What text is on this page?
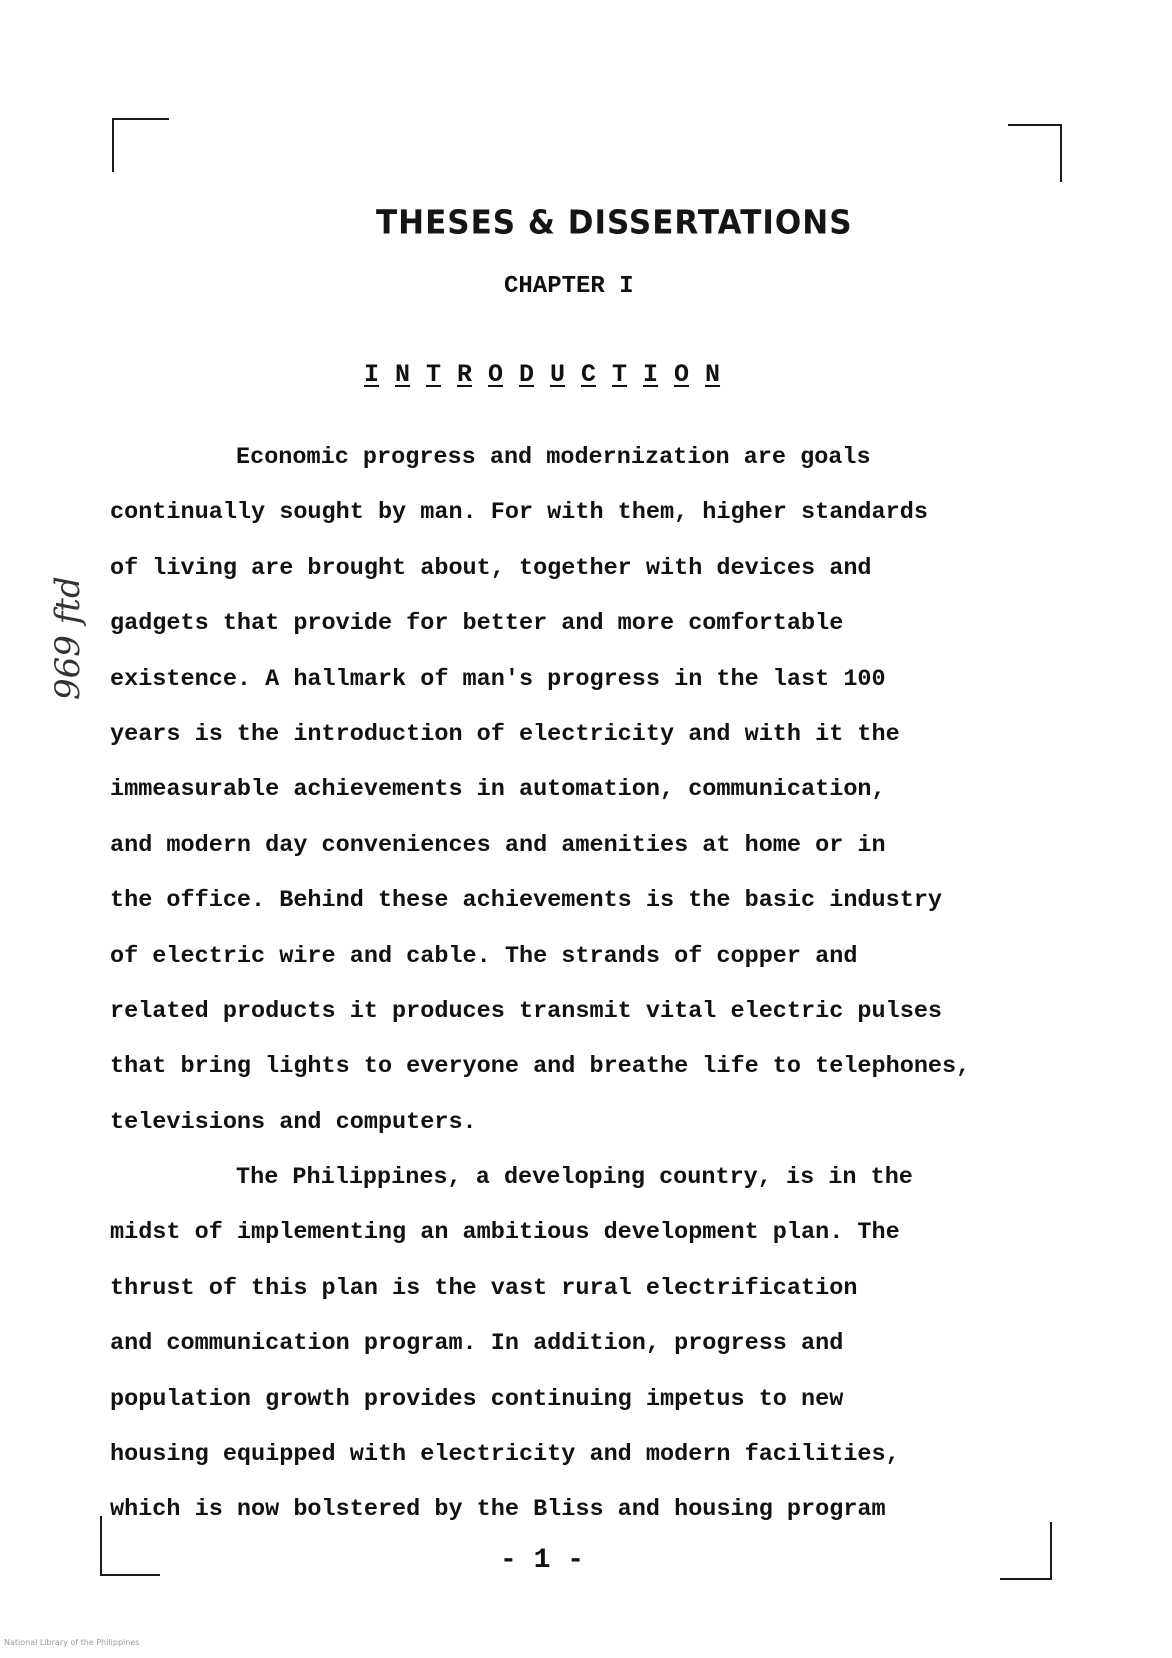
THESES & DISSERTATIONS
CHAPTER I
I N T R O D U C T I O N
969 ftd
Economic progress and modernization are goals
continually sought by man. For with them, higher standards
of living are brought about, together with devices and
gadgets that provide for better and more comfortable
existence. A hallmark of man's progress in the last 100
years is the introduction of electricity and with it the
immeasurable achievements in automation, communication,
and modern day conveniences and amenities at home or in
the office. Behind these achievements is the basic industry
of electric wire and cable. The strands of copper and
related products it produces transmit vital electric pulses
that bring lights to everyone and breathe life to telephones,
televisions and computers.
The Philippines, a developing country, is in the
midst of implementing an ambitious development plan. The
thrust of this plan is the vast rural electrification
and communication program. In addition, progress and
population growth provides continuing impetus to new
housing equipped with electricity and modern facilities,
which is now bolstered by the Bliss and housing program
- 1 -
National Library of the Philippines
